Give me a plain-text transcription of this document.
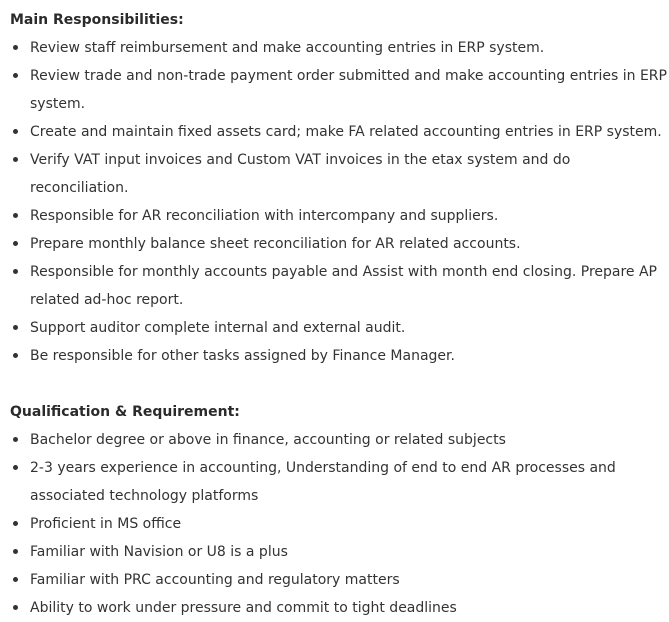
Main Responsibilities:

Review staff reimbursement and make accounting entries in ERP system.
Review trade and non-trade payment order submitted and make accounting entries in ERP system.
Create and maintain fixed assets card; make FA related accounting entries in ERP system.
Verify VAT input invoices and Custom VAT invoices in the etax system and do reconciliation.
Responsible for AR reconciliation with intercompany and suppliers.
Prepare monthly balance sheet reconciliation for AR related accounts.
Responsible for monthly accounts payable and Assist with month end closing. Prepare AP related ad-hoc report.
Support auditor complete internal and external audit.
Be responsible for other tasks assigned by Finance Manager.

Qualification & Requirement:

Bachelor degree or above in finance, accounting or related subjects
2-3 years experience in accounting, Understanding of end to end AR processes and associated technology platforms
Proficient in MS office
Familiar with Navision or U8 is a plus
Familiar with PRC accounting and regulatory matters
Ability to work under pressure and commit to tight deadlines
